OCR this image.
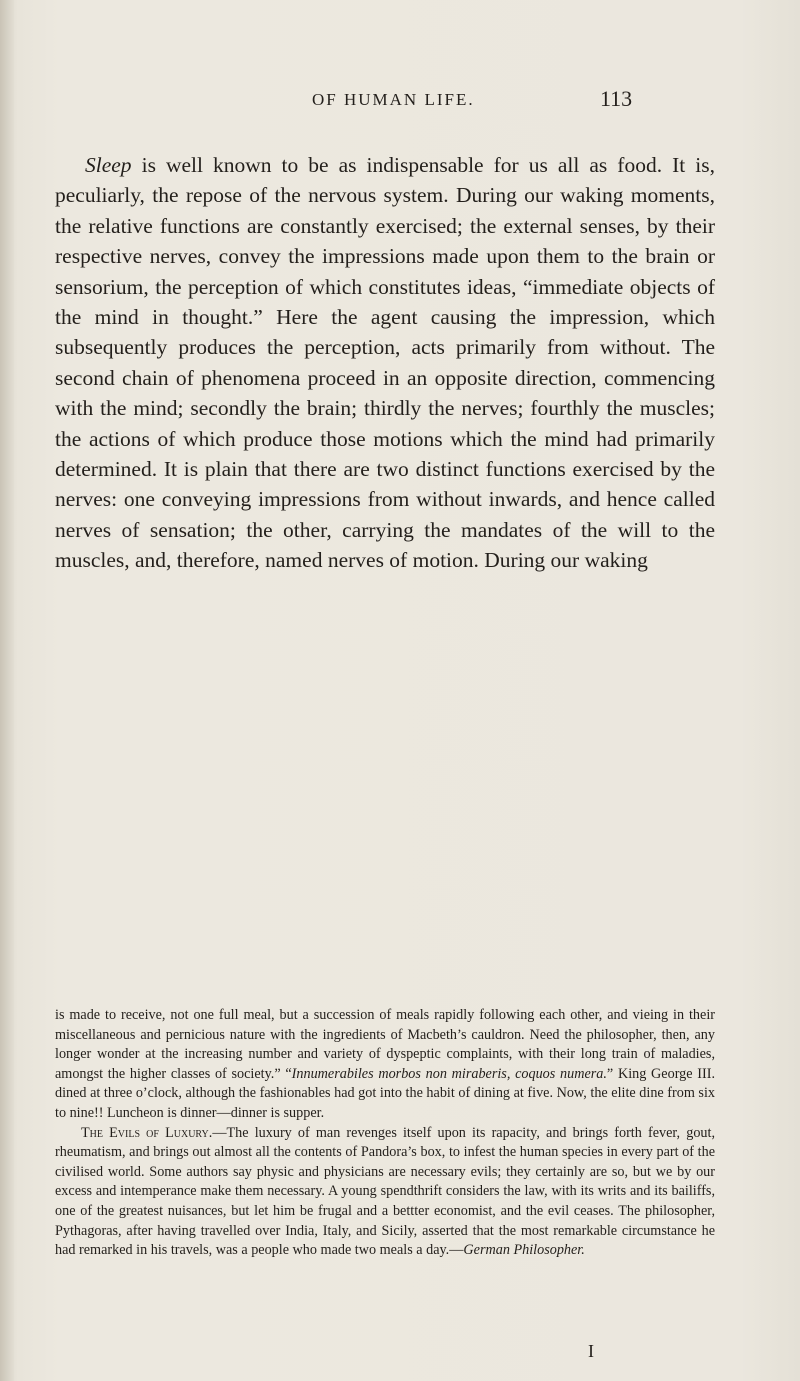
OF HUMAN LIFE.	113

Sleep is well known to be as indispensable for us all as food. It is, peculiarly, the repose of the nervous system. During our waking moments, the relative functions are constantly exercised; the external senses, by their respective nerves, convey the impressions made upon them to the brain or sensorium, the perception of which constitutes ideas, “immediate objects of the mind in thought.” Here the agent causing the impression, which subsequently produces the perception, acts primarily from without. The second chain of phenomena proceed in an opposite direction, commencing with the mind; secondly the brain; thirdly the nerves; fourthly the muscles; the actions of which produce those motions which the mind had primarily determined. It is plain that there are two distinct functions exercised by the nerves: one conveying impressions from without inwards, and hence called nerves of sensation; the other, carrying the mandates of the will to the muscles, and, therefore, named nerves of motion. During our waking

is made to receive, not one full meal, but a succession of meals rapidly following each other, and vieing in their miscellaneous and pernicious nature with the ingredients of Macbeth’s cauldron. Need the philosopher, then, any longer wonder at the increasing number and variety of dyspeptic complaints, with their long train of maladies, amongst the higher classes of society.” “Innumerabiles morbos non miraberis, coquos numera.” King George III. dined at three o’clock, although the fashionables had got into the habit of dining at five. Now, the elite dine from six to nine!! Luncheon is dinner—dinner is supper.

The Evils of Luxury.—The luxury of man revenges itself upon its rapacity, and brings forth fever, gout, rheumatism, and brings out almost all the contents of Pandora’s box, to infest the human species in every part of the civilised world. Some authors say physic and physicians are necessary evils; they certainly are so, but we by our excess and intemperance make them necessary. A young spendthrift considers the law, with its writs and its bailiffs, one of the greatest nuisances, but let him be frugal and a bettter economist, and the evil ceases. The philosopher, Pythagoras, after having travelled over India, Italy, and Sicily, asserted that the most remarkable circumstance he had remarked in his travels, was a people who made two meals a day.—German Philosopher.

I
